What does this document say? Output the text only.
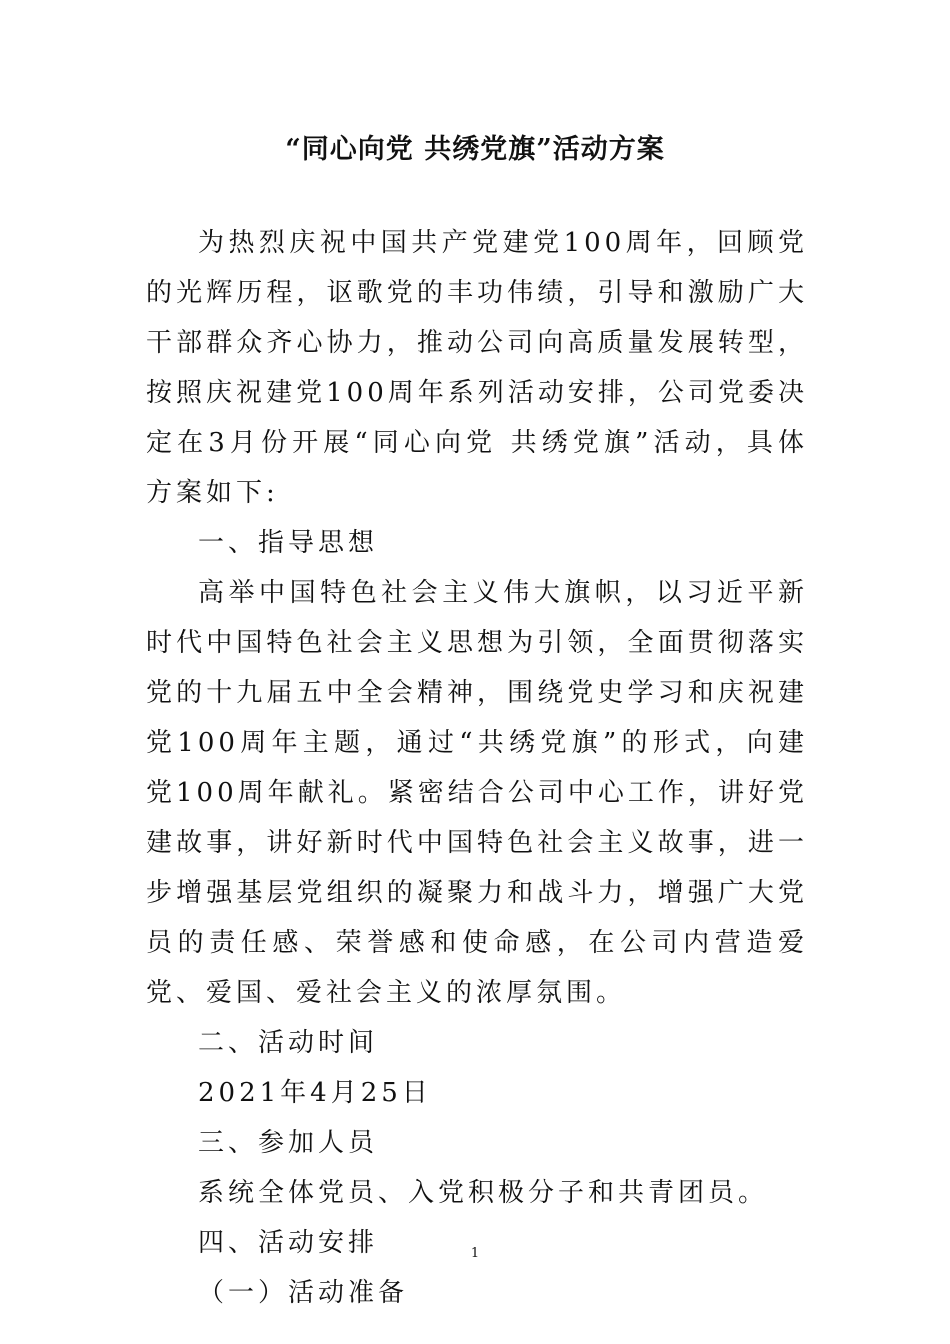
“同心向党 共绣党旗”活动方案

为热烈庆祝中国共产党建党100周年，回顾党的光辉历程，讴歌党的丰功伟绩，引导和激励广大干部群众齐心协力，推动公司向高质量发展转型，按照庆祝建党100周年系列活动安排，公司党委决定在3月份开展“同心向党 共绣党旗”活动，具体方案如下:

一、指导思想

高举中国特色社会主义伟大旗帜，以习近平新时代中国特色社会主义思想为引领，全面贯彻落实党的十九届五中全会精神，围绕党史学习和庆祝建党100周年主题，通过“共绣党旗”的形式，向建党100周年献礼。紧密结合公司中心工作，讲好党建故事，讲好新时代中国特色社会主义故事，进一步增强基层党组织的凝聚力和战斗力，增强广大党员的责任感、荣誉感和使命感，在公司内营造爱党、爱国、爱社会主义的浓厚氛围。

二、活动时间

2021年4月25日

三、参加人员

系统全体党员、入党积极分子和共青团员。

四、活动安排

（一）活动准备

1
